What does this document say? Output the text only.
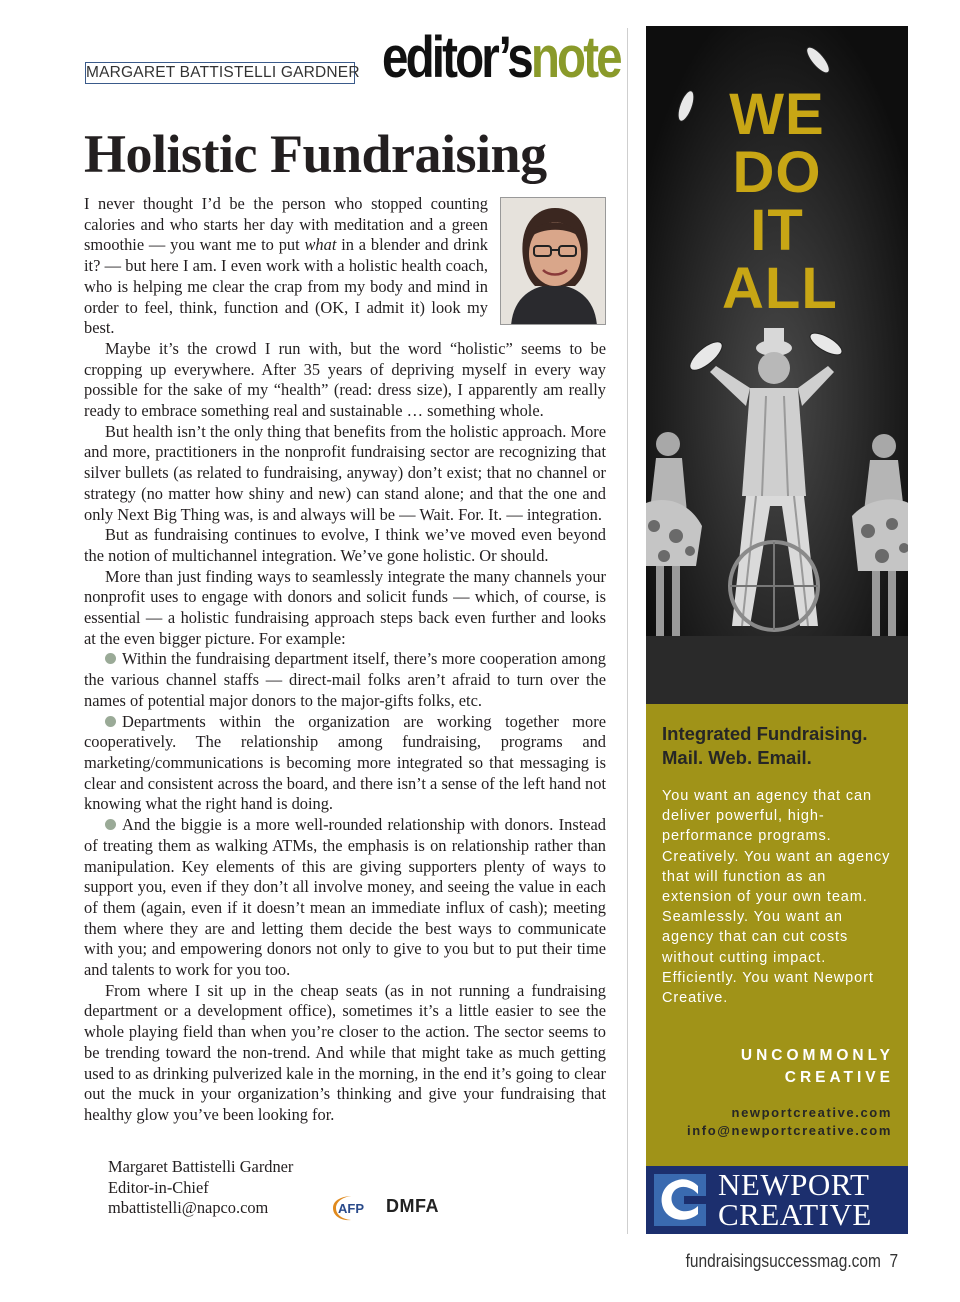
MARGARET BATTISTELLI GARDNER editor’snote
Holistic Fundraising

I never thought I’d be the person who stopped counting calories and who starts her day with meditation and a green smoothie — you want me to put what in a blender and drink it? — but here I am. I even work with a holistic health coach, who is helping me clear the crap from my body and mind in order to feel, think, function and (OK, I admit it) look my best.

Maybe it’s the crowd I run with, but the word “holistic” seems to be cropping up everywhere. After 35 years of depriving myself in every way possible for the sake of my “health” (read: dress size), I apparently am really ready to embrace something real and sustainable … something whole.

But health isn’t the only thing that benefits from the holistic approach. More and more, practitioners in the nonprofit fundraising sector are recognizing that silver bullets (as related to fundraising, anyway) don’t exist; that no channel or strategy (no matter how shiny and new) can stand alone; and that the one and only Next Big Thing was, is and always will be — Wait. For. It. — integration.

But as fundraising continues to evolve, I think we’ve moved even beyond the notion of multichannel integration. We’ve gone holistic. Or should.

More than just finding ways to seamlessly integrate the many channels your nonprofit uses to engage with donors and solicit funds — which, of course, is essential — a holistic fundraising approach steps back even further and looks at the even bigger picture. For example:

Within the fundraising department itself, there’s more cooperation among the various channel staffs — direct-mail folks aren’t afraid to turn over the names of potential major donors to the major-gifts folks, etc.

Departments within the organization are working together more cooperatively. The relationship among fundraising, programs and marketing/communications is becoming more integrated so that messaging is clear and consistent across the board, and there isn’t a sense of the left hand not knowing what the right hand is doing.

And the biggie is a more well-rounded relationship with donors. Instead of treating them as walking ATMs, the emphasis is on relationship rather than manipulation. Key elements of this are giving supporters plenty of ways to support you, even if they don’t all involve money, and seeing the value in each of them (again, even if it doesn’t mean an immediate influx of cash); meeting them where they are and letting them decide the best ways to communicate with you; and empowering donors not only to give to you but to put their time and talents to work for you too.

From where I sit up in the cheap seats (as in not running a fundraising department or a development office), sometimes it’s a little easier to see the whole playing field than when you’re closer to the action. The sector seems to be trending toward the non-trend. And while that might take as much getting used to as drinking pulverized kale in the morning, in the end it’s going to clear out the muck in your organization’s thinking and give your fundraising that healthy glow you’ve been looking for.

Margaret Battistelli Gardner
Editor-in-Chief
mbattistelli@napco.com	AFP DMFA
WE
DO
IT
ALL
Integrated Fundraising.
Mail. Web. Email.
You want an agency that can deliver powerful, high-performance programs. Creatively. You want an agency that will function as an extension of your own team. Seamlessly. You want an agency that can cut costs without cutting impact. Efficiently. You want Newport Creative.
UNCOMMONLY
CREATIVE
newportcreative.com
info@newportcreative.com
NEWPORT
CREATIVE
fundraisingsuccessmag.com 7
